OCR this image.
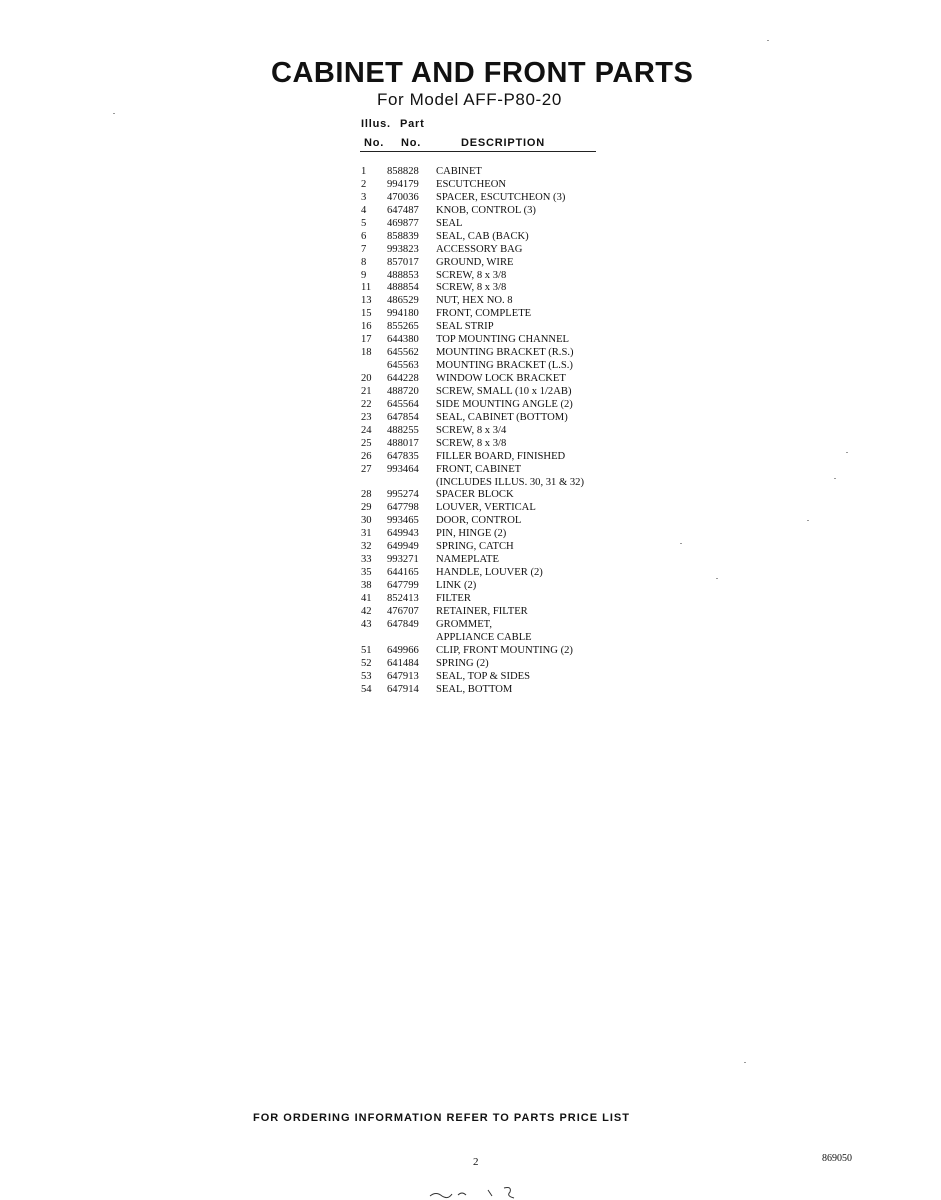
CABINET AND FRONT PARTS
For Model AFF-P80-20
Illus. Part
No. No.	DESCRIPTION
1	858828	CABINET
2	994179	ESCUTCHEON
3	470036	SPACER, ESCUTCHEON (3)
4	647487	KNOB, CONTROL (3)
5	469877	SEAL
6	858839	SEAL, CAB (BACK)
7	993823	ACCESSORY BAG
8	857017	GROUND, WIRE
9	488853	SCREW, 8 x 3/8
11	488854	SCREW, 8 x 3/8
13	486529	NUT, HEX NO. 8
15	994180	FRONT, COMPLETE
16	855265	SEAL STRIP
17	644380	TOP MOUNTING CHANNEL
18	645562	MOUNTING BRACKET (R.S.)
645563	MOUNTING BRACKET (L.S.)
20	644228	WINDOW LOCK BRACKET
21	488720	SCREW, SMALL (10 x 1/2AB)
22	645564	SIDE MOUNTING ANGLE (2)
23	647854	SEAL, CABINET (BOTTOM)
24	488255	SCREW, 8 x 3/4
25	488017	SCREW, 8 x 3/8
26	647835	FILLER BOARD, FINISHED
27	993464	FRONT, CABINET
(INCLUDES ILLUS. 30, 31 & 32)
28	995274	SPACER BLOCK
29	647798	LOUVER, VERTICAL
30	993465	DOOR, CONTROL
31	649943	PIN, HINGE (2)
32	649949	SPRING, CATCH
33	993271	NAMEPLATE
35	644165	HANDLE, LOUVER (2)
38	647799	LINK (2)
41	852413	FILTER
42	476707	RETAINER, FILTER
43	647849	GROMMET,
APPLIANCE CABLE
51	649966	CLIP, FRONT MOUNTING (2)
52	641484	SPRING (2)
53	647913	SEAL, TOP & SIDES
54	647914	SEAL, BOTTOM
FOR ORDERING INFORMATION REFER TO PARTS PRICE LIST
2	869050
